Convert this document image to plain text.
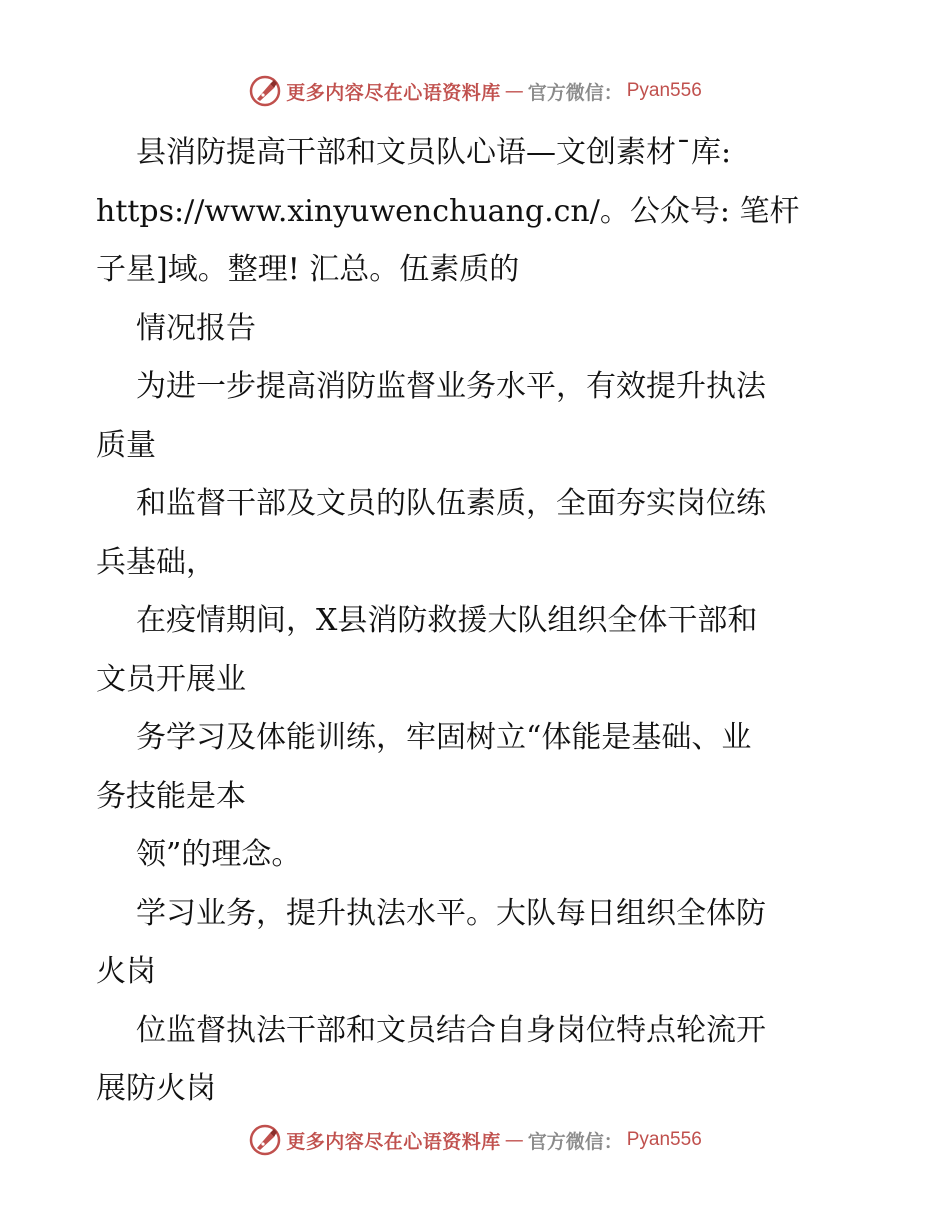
更多内容尽在心语资料库 — 官方微信： Pyan556
县消防提高干部和文员队心语—文创素材¯库:
https://www.xinyuwenchuang.cn/。公众号: 笔杆
子星]域。整理! 汇总。伍素质的
情况报告
为进一步提高消防监督业务水平，有效提升执法
质量
和监督干部及文员的队伍素质，全面夯实岗位练
兵基础，
在疫情期间，X县消防救援大队组织全体干部和
文员开展业
务学习及体能训练，牢固树立“体能是基础、业
务技能是本
领”的理念。
学习业务，提升执法水平。大队每日组织全体防
火岗
位监督执法干部和文员结合自身岗位特点轮流开
展防火岗
更多内容尽在心语资料库 — 官方微信： Pyan556
